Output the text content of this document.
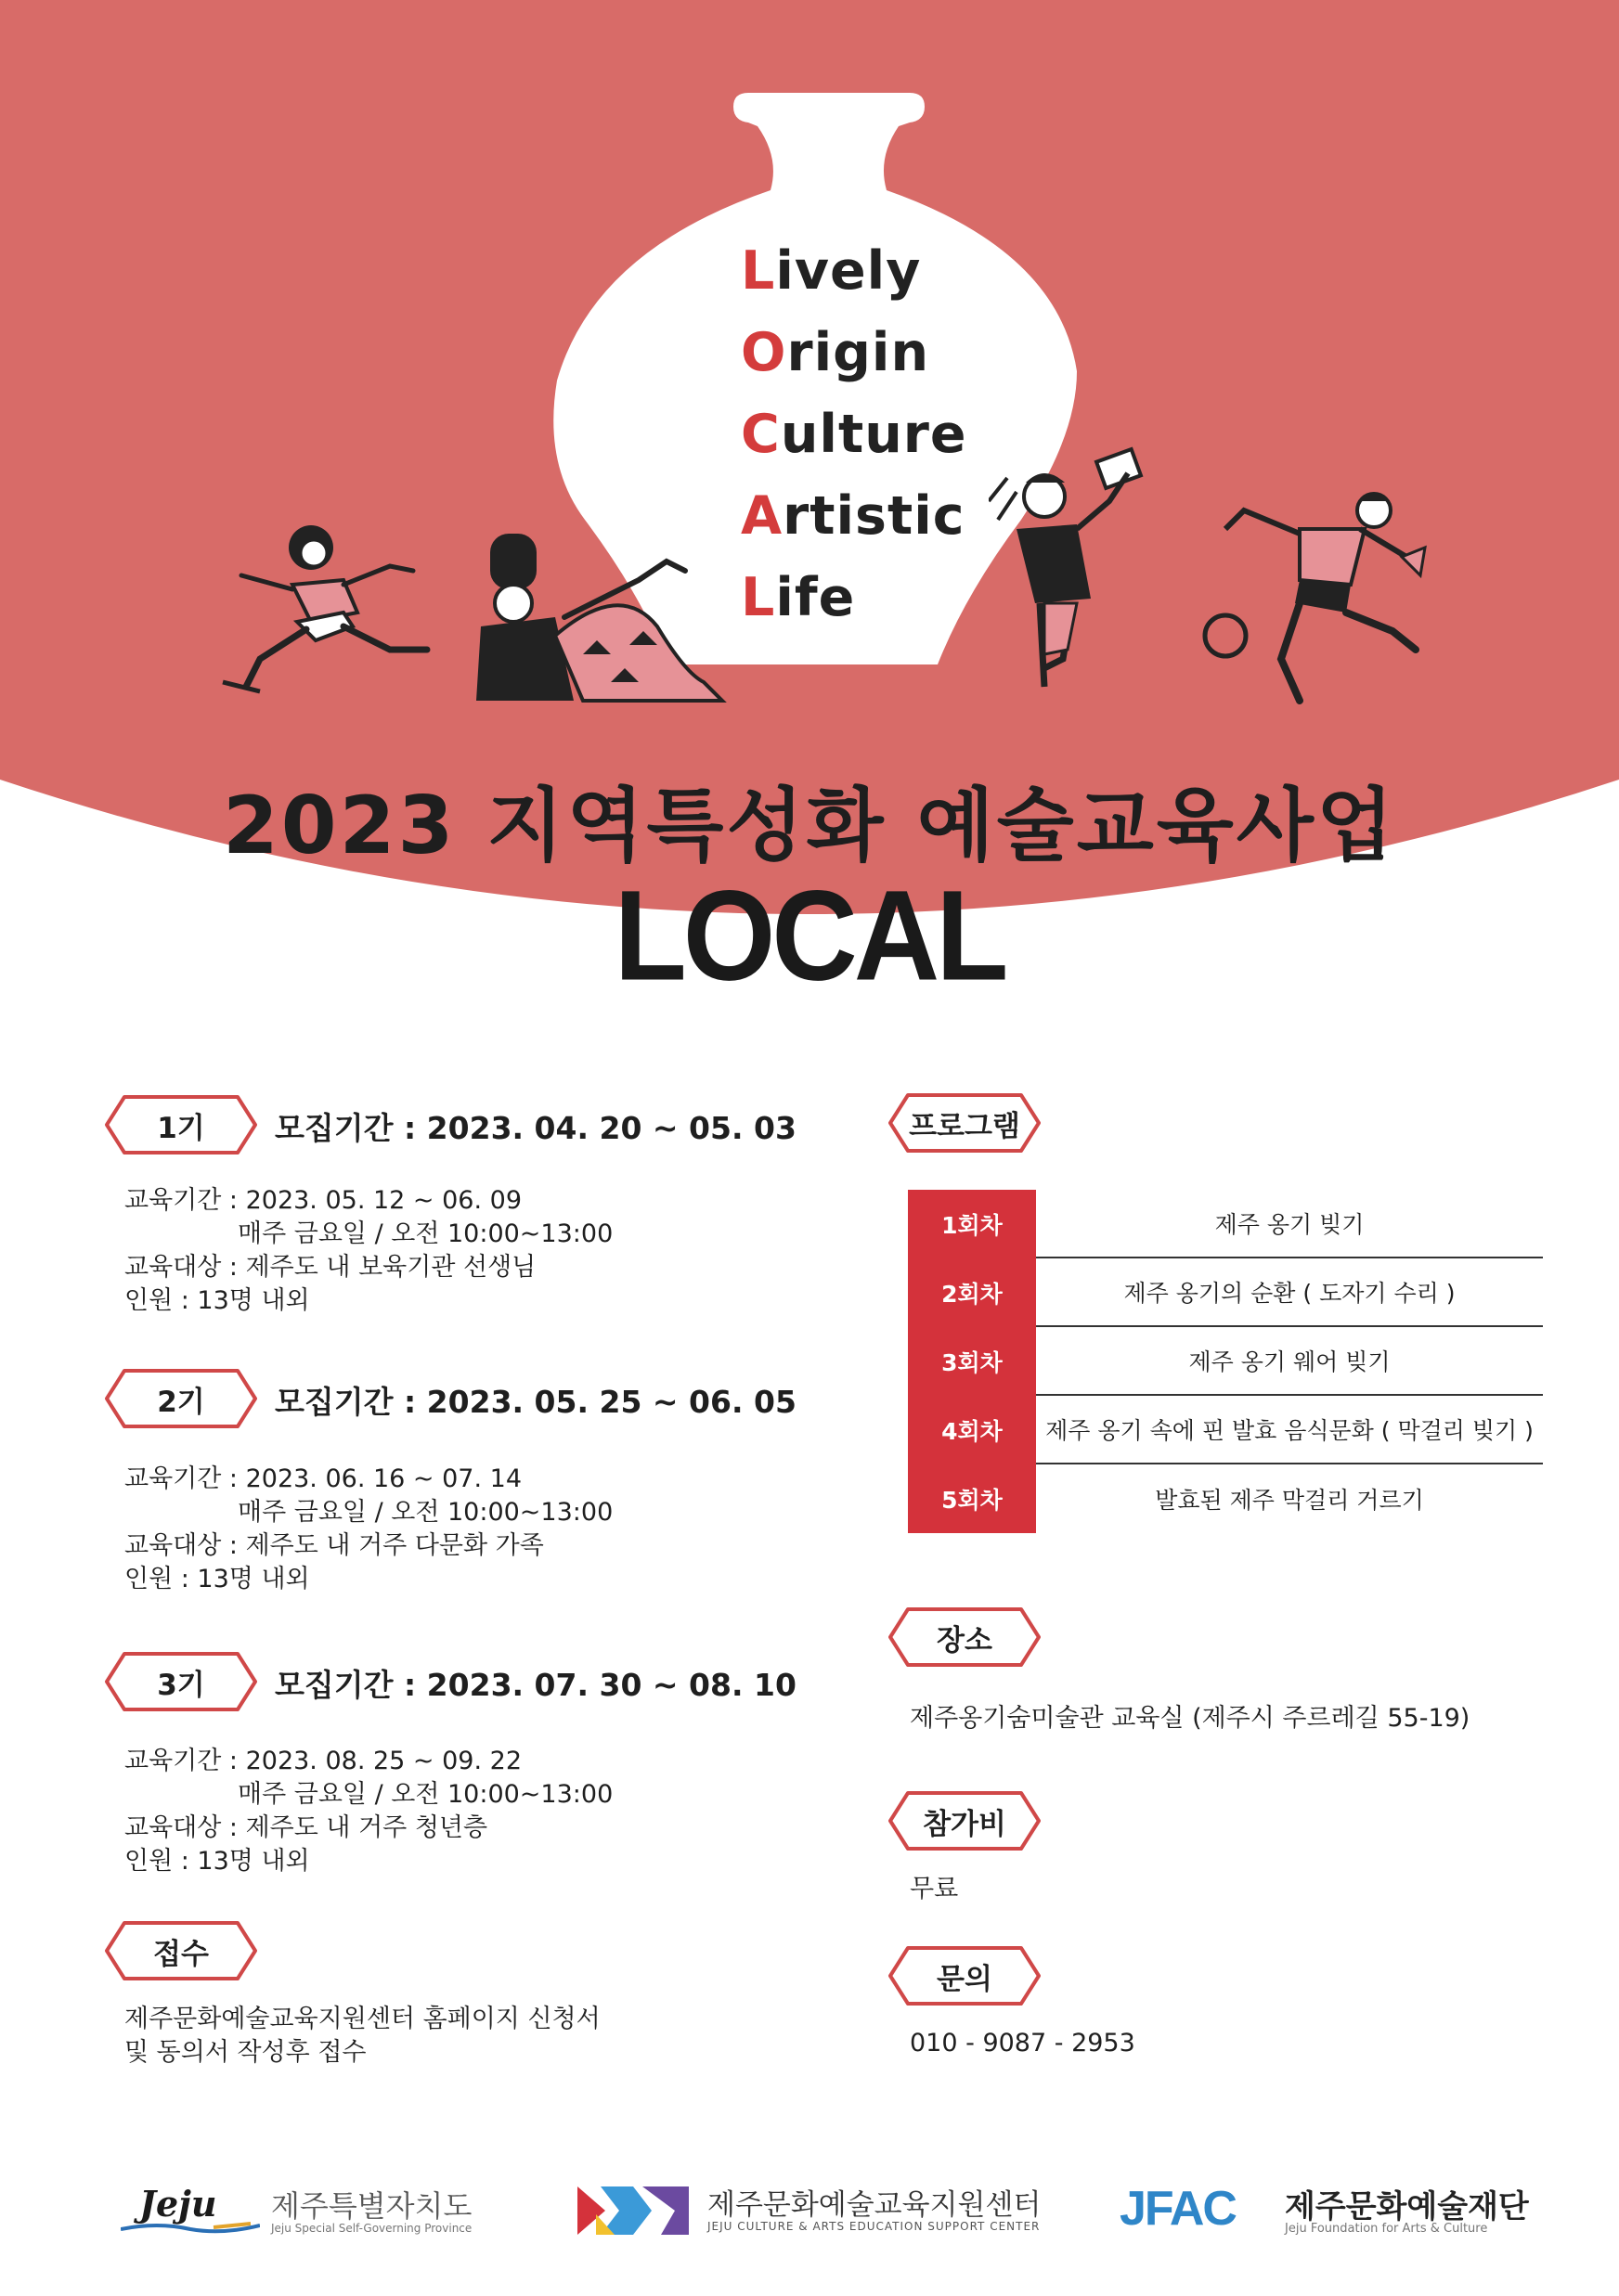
Lively
Origin
Culture
Artistic
Life
2023 지역특성화 예술교육사업
LOCAL
1기	모집기간 : 2023. 04. 20 ~ 05. 03
교육기간 : 2023. 05. 12 ~ 06. 09
매주 금요일 / 오전 10:00~13:00
교육대상 : 제주도 내 보육기관 선생님
인원 : 13명 내외
2기	모집기간 : 2023. 05. 25 ~ 06. 05
교육기간 : 2023. 06. 16 ~ 07. 14
매주 금요일 / 오전 10:00~13:00
교육대상 : 제주도 내 거주 다문화 가족
인원 : 13명 내외
3기	모집기간 : 2023. 07. 30 ~ 08. 10
교육기간 : 2023. 08. 25 ~ 09. 22
매주 금요일 / 오전 10:00~13:00
교육대상 : 제주도 내 거주 청년층
인원 : 13명 내외
접수
제주문화예술교육지원센터 홈페이지 신청서
및 동의서 작성후 접수
프로그램
1회차	제주 옹기 빚기
2회차	제주 옹기의 순환 ( 도자기 수리 )
3회차	제주 옹기 웨어 빚기
4회차	제주 옹기 속에 핀 발효 음식문화 ( 막걸리 빚기 )
5회차	발효된 제주 막걸리 거르기
장소
제주옹기숨미술관 교육실 (제주시 주르레길 55-19)
참가비
무료
문의
010 - 9087 - 2953
Jeju 제주특별자치도
Jeju Special Self-Governing Province
제주문화예술교육지원센터
JEJU CULTURE & ARTS EDUCATION SUPPORT CENTER JFAC 제주문화예술재단
Jeju Foundation for Arts & Culture
